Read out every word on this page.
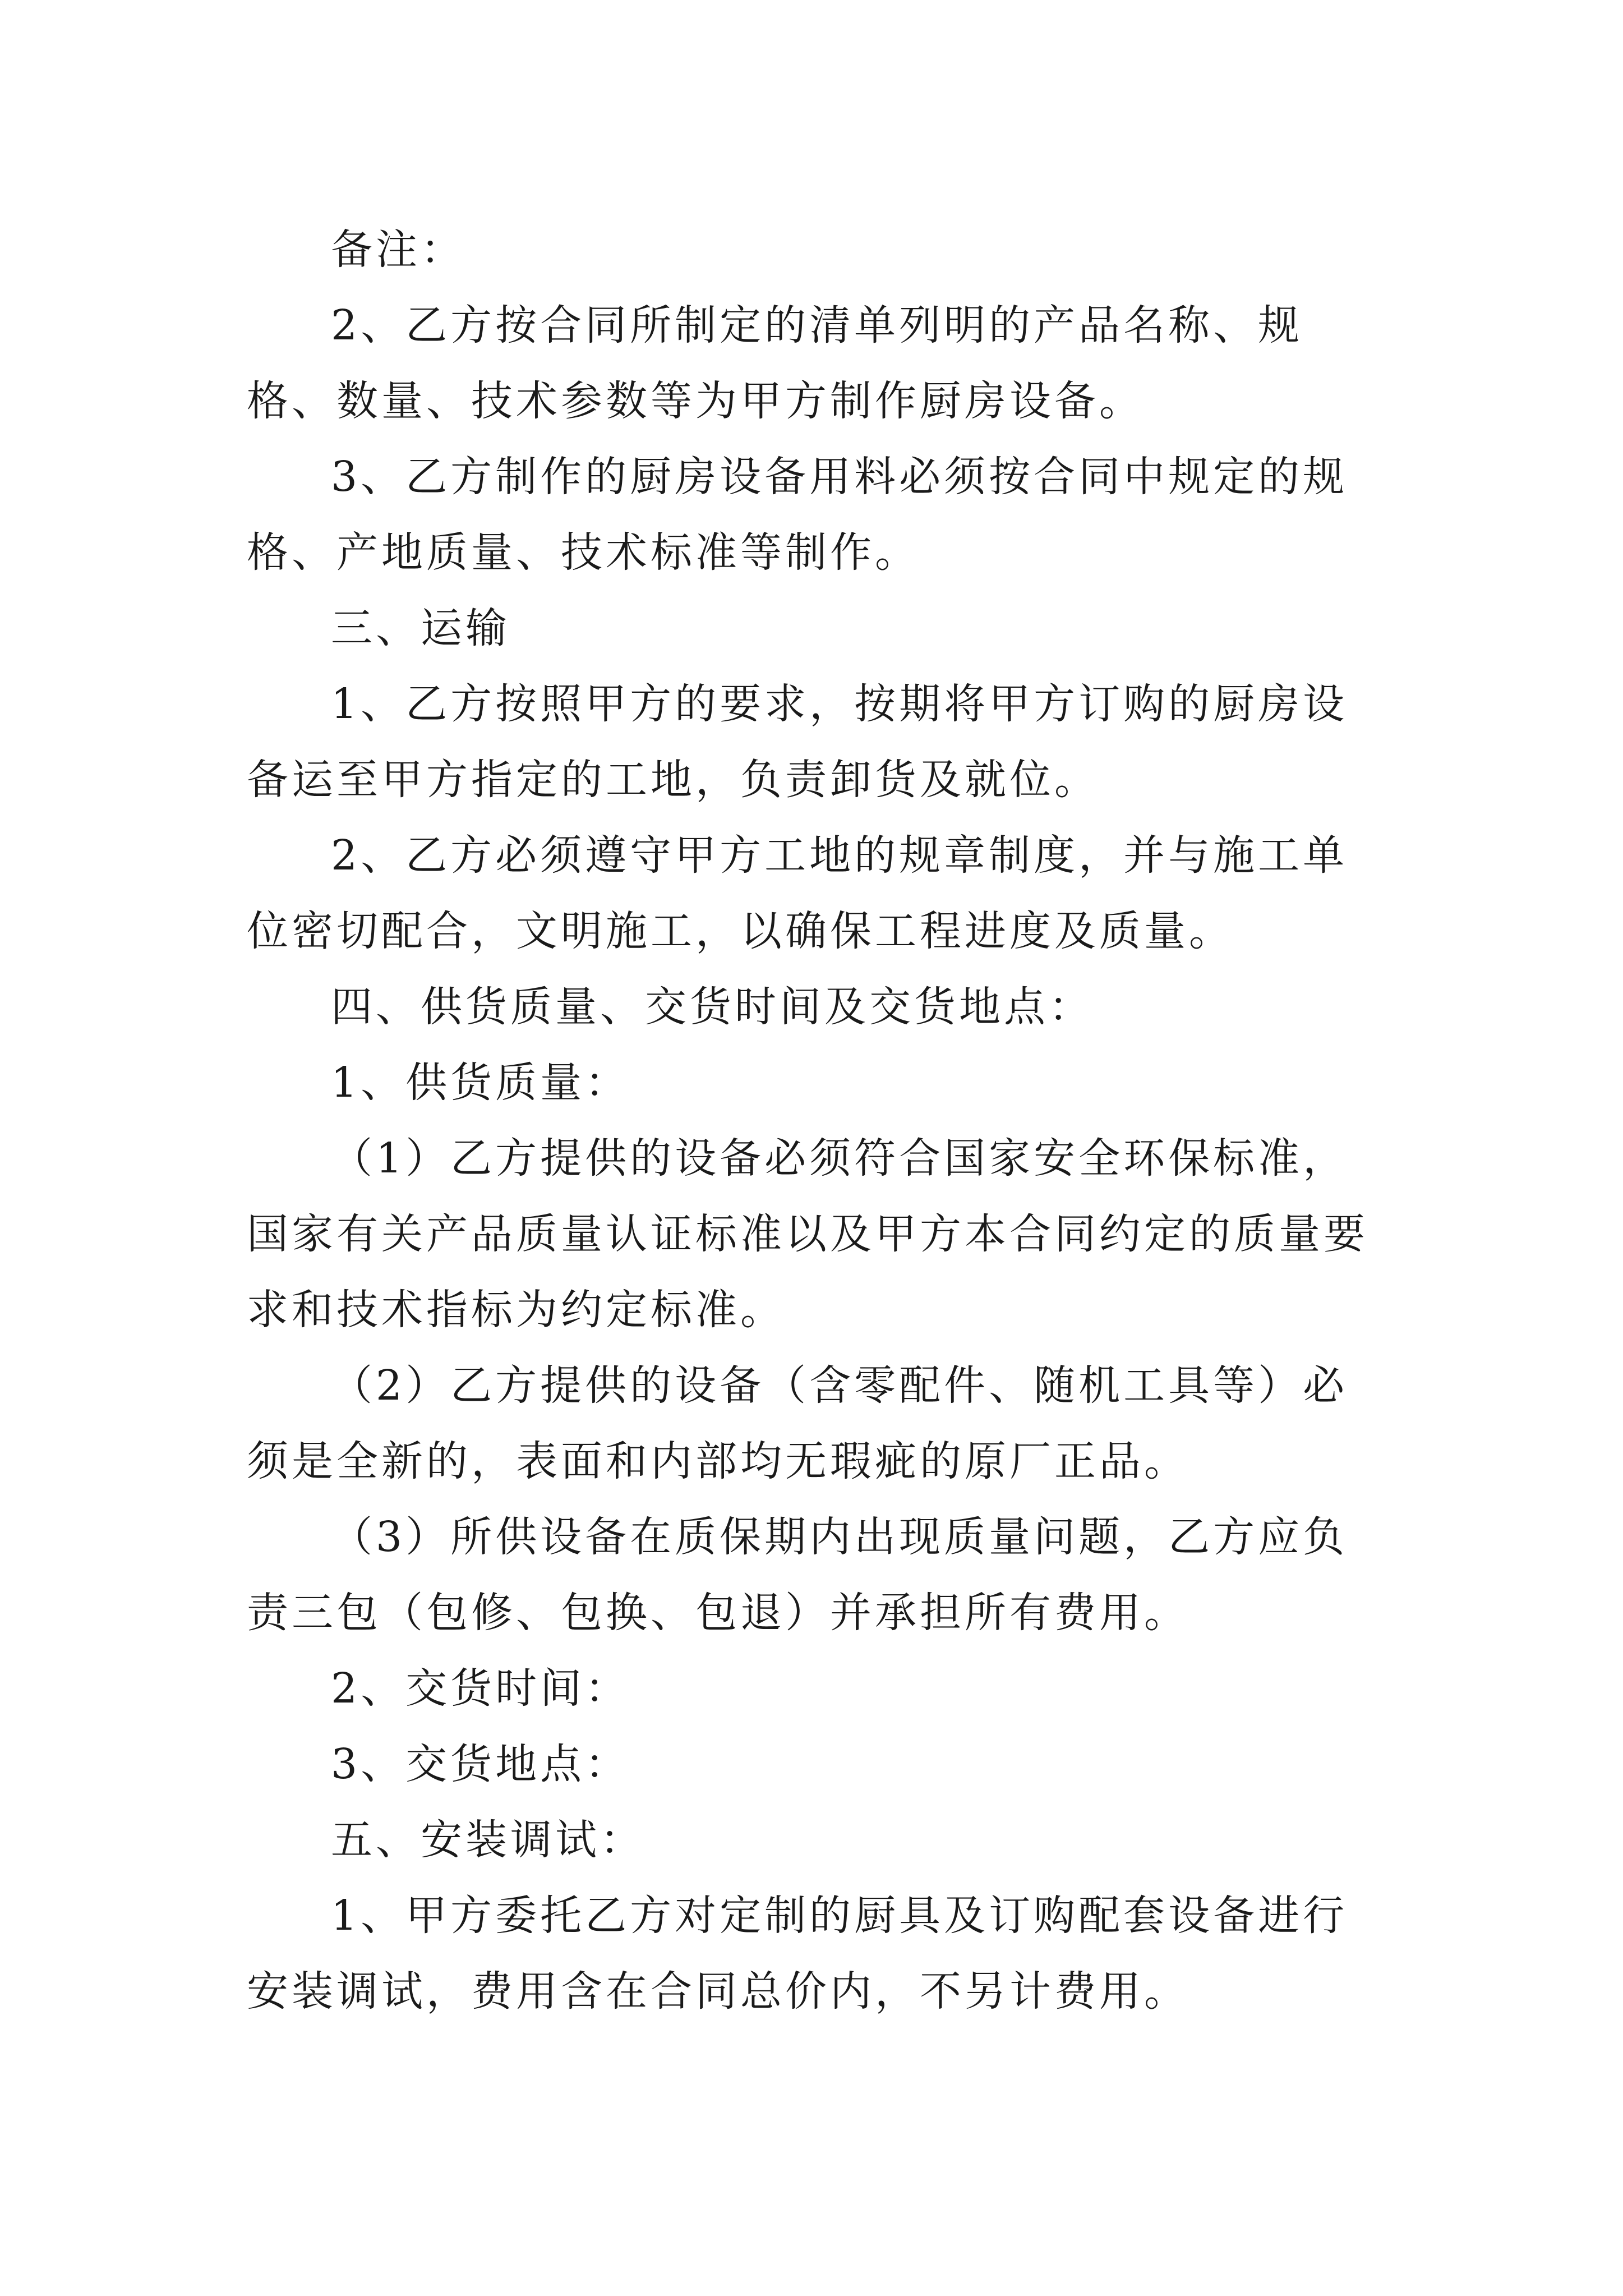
备注：

2、乙方按合同所制定的清单列明的产品名称、规格、数量、技术参数等为甲方制作厨房设备。

3、乙方制作的厨房设备用料必须按合同中规定的规格、产地质量、技术标准等制作。

三、运输

1、乙方按照甲方的要求，按期将甲方订购的厨房设备运至甲方指定的工地，负责卸货及就位。

2、乙方必须遵守甲方工地的规章制度，并与施工单位密切配合，文明施工，以确保工程进度及质量。

四、供货质量、交货时间及交货地点：

1、供货质量：

（1）乙方提供的设备必须符合国家安全环保标准，国家有关产品质量认证标准以及甲方本合同约定的质量要求和技术指标为约定标准。

（2）乙方提供的设备（含零配件、随机工具等）必须是全新的，表面和内部均无瑕疵的原厂正品。

（3）所供设备在质保期内出现质量问题，乙方应负责三包（包修、包换、包退）并承担所有费用。

2、交货时间：

3、交货地点：

五、安装调试：

1、甲方委托乙方对定制的厨具及订购配套设备进行安装调试，费用含在合同总价内，不另计费用。
